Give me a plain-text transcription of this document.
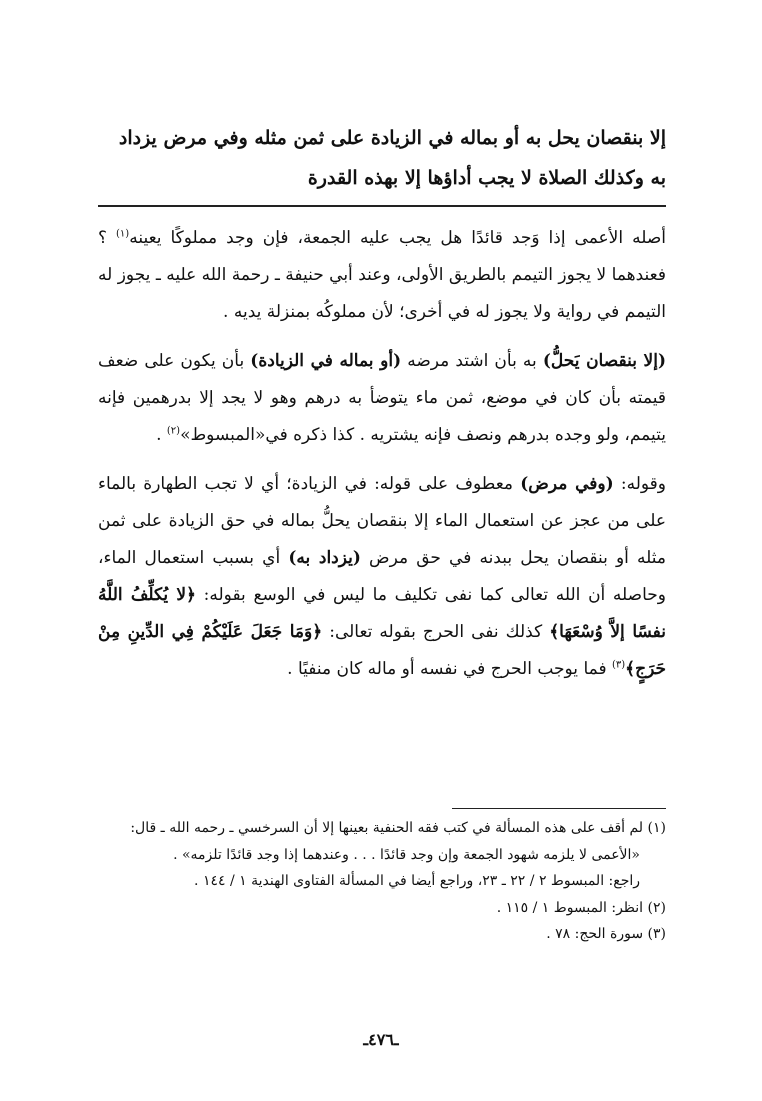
إلا بنقصان يحل به أو بماله في الزيادة على ثمن مثله وفي مرض يزداد
به وكذلك الصلاة لا يجب أداؤها إلا بهذه القدرة

أصله الأعمى إذا وَجد قائدًا هل يجب عليه الجمعة، فإن وجد مملوكًا يعينه$^{(١)}$ ؟ فعندهما لا يجوز التيمم بالطريق الأولى، وعند أبي حنيفة ـ رحمة الله عليه ـ يجوز له التيمم في رواية ولا يجوز له في أخرى؛ لأن مملوكُه بمنزلة يديه .

(إلا بنقصان يَحلُّ) به بأن اشتد مرضه (أو بماله في الزيادة) بأن يكون على ضعف قيمته بأن كان في موضع، ثمن ماء يتوضأ به درهم وهو لا يجد إلا بدرهمين فإنه يتيمم، ولو وجده بدرهم ونصف فإنه يشتريه . كذا ذكره في«المبسوط»$^{(٢)}$ .

وقوله: (وفي مرض) معطوف على قوله: في الزيادة؛ أي لا تجب الطهارة بالماء على من عجز عن استعمال الماء إلا بنقصان يحلُّ بماله في حق الزيادة على ثمن مثله أو بنقصان يحل ببدنه في حق مرض (يزداد به) أي بسبب استعمال الماء، وحاصله أن الله تعالى كما نفى تكليف ما ليس في الوسع بقوله: ﴿لا يُكلِّفُ اللَّهُ نفسًا إلاَّ وُسْعَهَا﴾ كذلك نفى الحرج بقوله تعالى: ﴿وَمَا جَعَلَ عَلَيْكُمْ فِي الدِّينِ مِنْ حَرَجٍ﴾$^{(٣)}$ فما يوجب الحرج في نفسه أو ماله كان منفيًا .

(١) لم أقف على هذه المسألة في كتب فقه الحنفية بعينها إلا أن السرخسي ـ رحمه الله ـ قال:

«الأعمى لا يلزمه شهود الجمعة وإن وجد قائدًا . . . وعندهما إذا وجد قائدًا تلزمه» .

راجع: المبسوط ٢ / ٢٢ ـ ٢٣، وراجع أيضا في المسألة الفتاوى الهندية ١ / ١٤٤ .

(٢) انظر: المبسوط ١ / ١١٥ .

(٣) سورة الحج: ٧٨ .

ـ٤٧٦ـ
